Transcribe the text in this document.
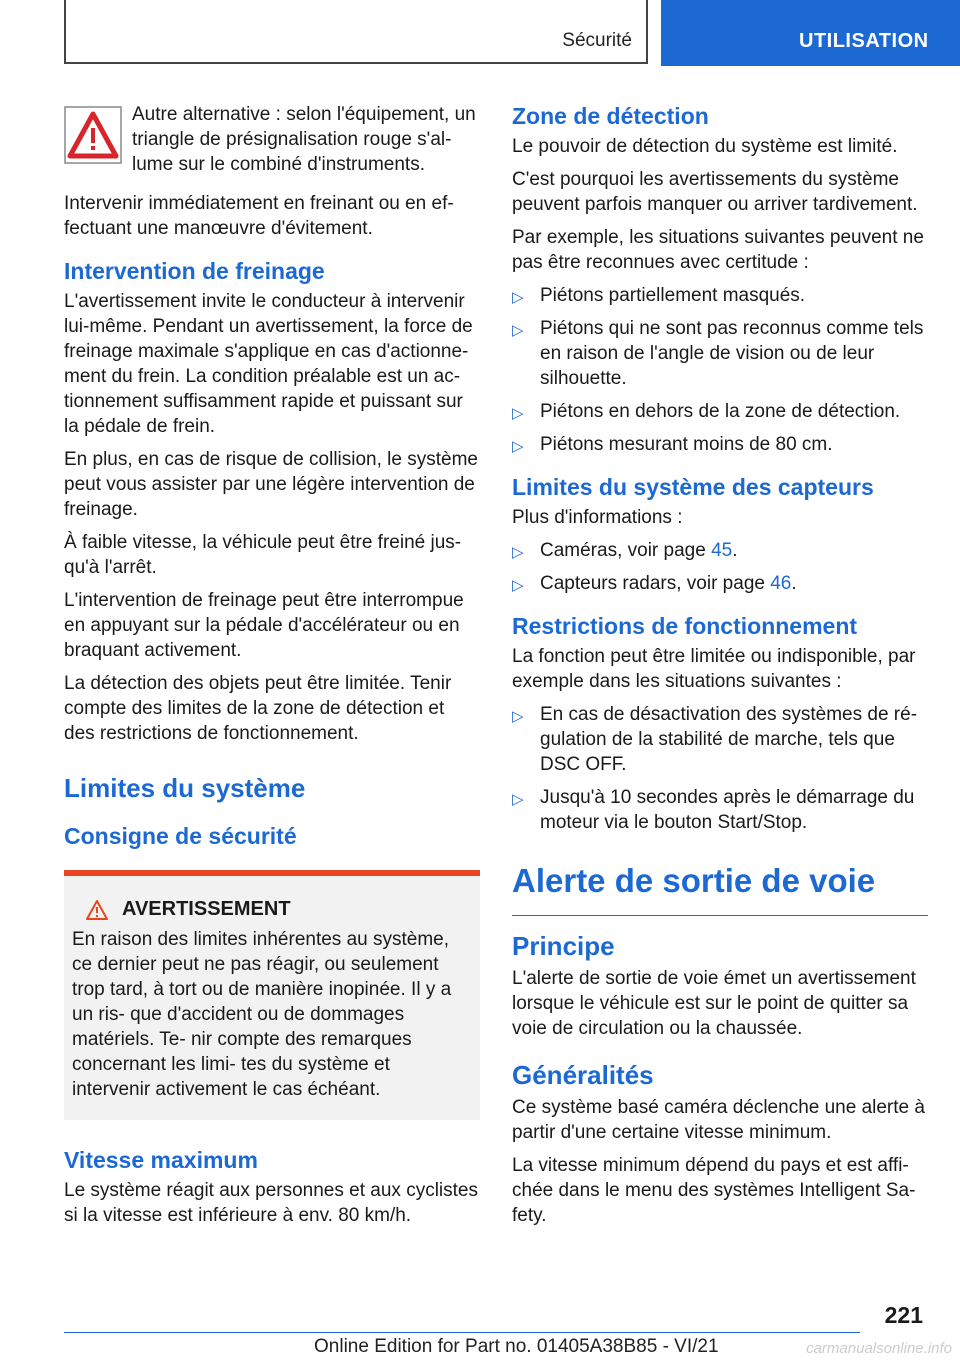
Sécurité	UTILISATION

Autre alternative : selon l'équipement, un triangle de présignalisation rouge s'al‐ lume sur le combiné d'instruments.

Intervenir immédiatement en freinant ou en ef‐ fectuant une manœuvre d'évitement.

Intervention de freinage

L'avertissement invite le conducteur à intervenir lui-même. Pendant un avertissement, la force de freinage maximale s'applique en cas d'actionne‐ ment du frein. La condition préalable est un ac‐ tionnement suffisamment rapide et puissant sur la pédale de frein.

En plus, en cas de risque de collision, le système peut vous assister par une légère intervention de freinage.

À faible vitesse, la véhicule peut être freiné jus‐ qu'à l'arrêt.

L'intervention de freinage peut être interrompue en appuyant sur la pédale d'accélérateur ou en braquant activement.

La détection des objets peut être limitée. Tenir compte des limites de la zone de détection et des restrictions de fonctionnement.

Limites du système
Consigne de sécurité
AVERTISSEMENT

En raison des limites inhérentes au système, ce dernier peut ne pas réagir, ou seulement trop tard, à tort ou de manière inopinée. Il y a un ris‐ que d'accident ou de dommages matériels. Te‐ nir compte des remarques concernant les limi‐ tes du système et intervenir activement le cas échéant.

Vitesse maximum

Le système réagit aux personnes et aux cyclistes si la vitesse est inférieure à env. 80 km/h.

Zone de détection

Le pouvoir de détection du système est limité.

C'est pourquoi les avertissements du système peuvent parfois manquer ou arriver tardivement.

Par exemple, les situations suivantes peuvent ne pas être reconnues avec certitude :

▷ Piétons partiellement masqués.
▷ Piétons qui ne sont pas reconnus comme tels en raison de l'angle de vision ou de leur silhouette.
▷ Piétons en dehors de la zone de détection.
▷ Piétons mesurant moins de 80 cm.
Limites du système des capteurs

Plus d'informations :

▷ Caméras, voir page 45.
▷ Capteurs radars, voir page 46.
Restrictions de fonctionnement

La fonction peut être limitée ou indisponible, par exemple dans les situations suivantes :

▷ En cas de désactivation des systèmes de ré‐ gulation de la stabilité de marche, tels que DSC OFF.
▷ Jusqu'à 10 secondes après le démarrage du moteur via le bouton Start/Stop.
Alerte de sortie de voie
Principe

L'alerte de sortie de voie émet un avertissement lorsque le véhicule est sur le point de quitter sa voie de circulation ou la chaussée.

Généralités

Ce système basé caméra déclenche une alerte à partir d'une certaine vitesse minimum.

La vitesse minimum dépend du pays et est affi‐ chée dans le menu des systèmes Intelligent Sa‐ fety.

221
Online Edition for Part no. 01405A38B85 - VI/21	carmanualsonline.info
